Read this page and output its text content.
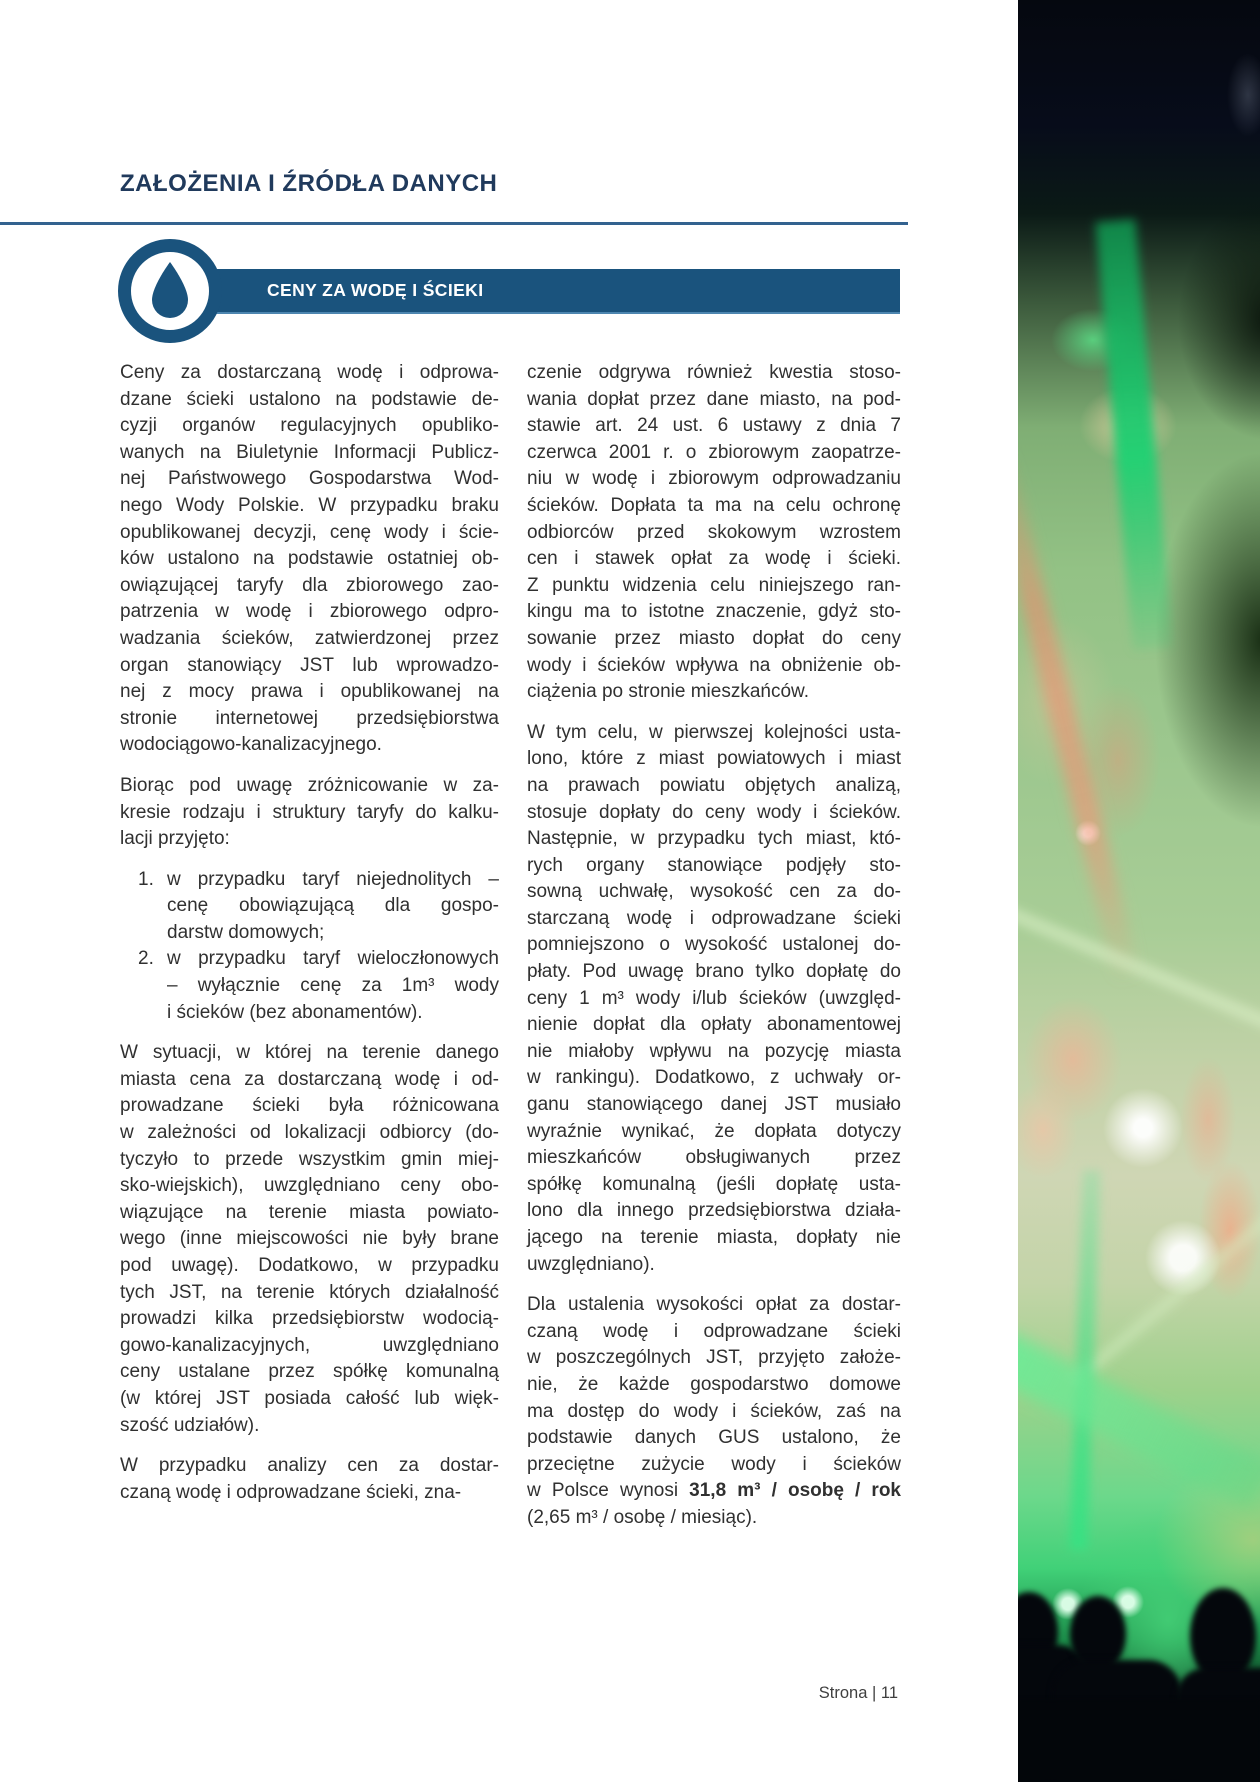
ZAŁOŻENIA I ŹRÓDŁA DANYCH
CENY ZA WODĘ I ŚCIEKI
Ceny za dostarczaną wodę i odprowa-
dzane ścieki ustalono na podstawie de-
cyzji organów regulacyjnych opubliko-
wanych na Biuletynie Informacji Publicz-
nej Państwowego Gospodarstwa Wod-
nego Wody Polskie. W przypadku braku
opublikowanej decyzji, cenę wody i ście-
ków ustalono na podstawie ostatniej ob-
owiązującej taryfy dla zbiorowego zao-
patrzenia w wodę i zbiorowego odpro-
wadzania ścieków, zatwierdzonej przez
organ stanowiący JST lub wprowadzo-
nej z mocy prawa i opublikowanej na
stronie internetowej przedsiębiorstwa
wodociągowo-kanalizacyjnego.
Biorąc pod uwagę zróżnicowanie w za-
kresie rodzaju i struktury taryfy do kalku-
lacji przyjęto:
1. w przypadku taryf niejednolitych –
cenę obowiązującą dla gospo-
darstw domowych;
2. w przypadku taryf wieloczłonowych
– wyłącznie cenę za 1m³ wody
i ścieków (bez abonamentów).
W sytuacji, w której na terenie danego
miasta cena za dostarczaną wodę i od-
prowadzane ścieki była różnicowana
w zależności od lokalizacji odbiorcy (do-
tyczyło to przede wszystkim gmin miej-
sko-wiejskich), uwzględniano ceny obo-
wiązujące na terenie miasta powiato-
wego (inne miejscowości nie były brane
pod uwagę). Dodatkowo, w przypadku
tych JST, na terenie których działalność
prowadzi kilka przedsiębiorstw wodocią-
gowo-kanalizacyjnych, uwzględniano
ceny ustalane przez spółkę komunalną
(w której JST posiada całość lub więk-
szość udziałów).
W przypadku analizy cen za dostar-
czaną wodę i odprowadzane ścieki, zna-
czenie odgrywa również kwestia stoso-
wania dopłat przez dane miasto, na pod-
stawie art. 24 ust. 6 ustawy z dnia 7
czerwca 2001 r. o zbiorowym zaopatrze-
niu w wodę i zbiorowym odprowadzaniu
ścieków. Dopłata ta ma na celu ochronę
odbiorców przed skokowym wzrostem
cen i stawek opłat za wodę i ścieki.
Z punktu widzenia celu niniejszego ran-
kingu ma to istotne znaczenie, gdyż sto-
sowanie przez miasto dopłat do ceny
wody i ścieków wpływa na obniżenie ob-
ciążenia po stronie mieszkańców.
W tym celu, w pierwszej kolejności usta-
lono, które z miast powiatowych i miast
na prawach powiatu objętych analizą,
stosuje dopłaty do ceny wody i ścieków.
Następnie, w przypadku tych miast, któ-
rych organy stanowiące podjęły sto-
sowną uchwałę, wysokość cen za do-
starczaną wodę i odprowadzane ścieki
pomniejszono o wysokość ustalonej do-
płaty. Pod uwagę brano tylko dopłatę do
ceny 1 m³ wody i/lub ścieków (uwzględ-
nienie dopłat dla opłaty abonamentowej
nie miałoby wpływu na pozycję miasta
w rankingu). Dodatkowo, z uchwały or-
ganu stanowiącego danej JST musiało
wyraźnie wynikać, że dopłata dotyczy
mieszkańców obsługiwanych przez
spółkę komunalną (jeśli dopłatę usta-
lono dla innego przedsiębiorstwa działa-
jącego na terenie miasta, dopłaty nie
uwzględniano).
Dla ustalenia wysokości opłat za dostar-
czaną wodę i odprowadzane ścieki
w poszczególnych JST, przyjęto założe-
nie, że każde gospodarstwo domowe
ma dostęp do wody i ścieków, zaś na
podstawie danych GUS ustalono, że
przeciętne zużycie wody i ścieków
w Polsce wynosi 31,8 m³ / osobę / rok
(2,65 m³ / osobę / miesiąc).
Strona | 11
